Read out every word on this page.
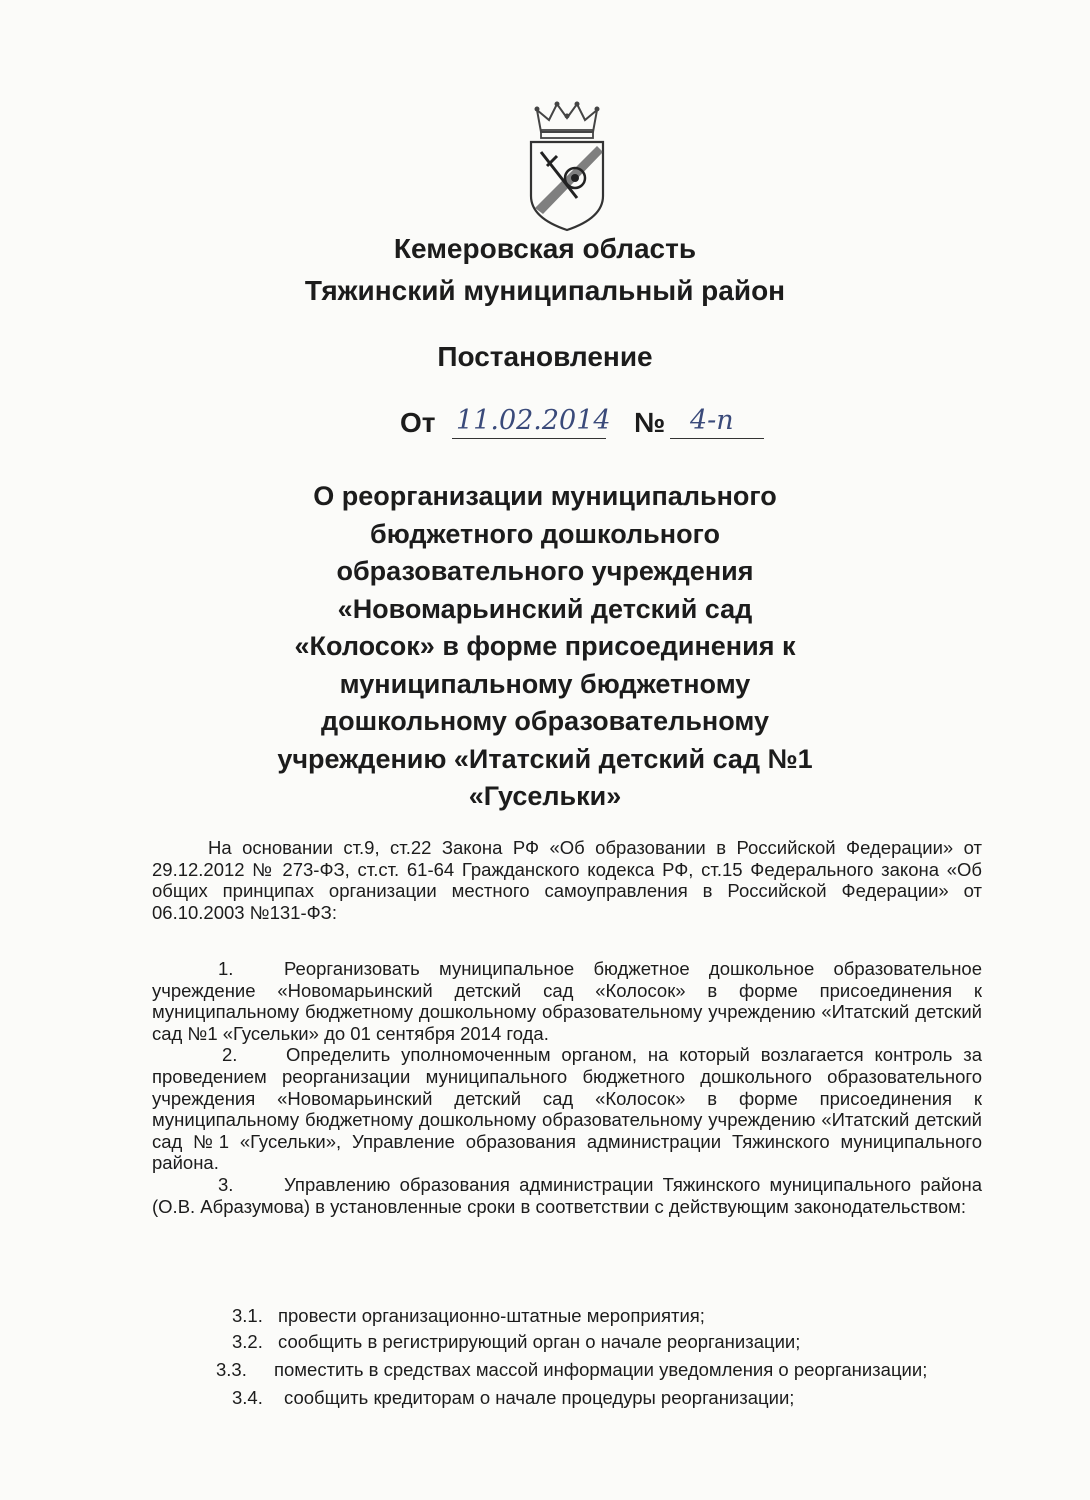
Кемеровская область
Тяжинский муниципальный район
Постановление
От 11.02.2014 № 4-п
О реорганизации муниципального
бюджетного дошкольного
образовательного учреждения
«Новомарьинский детский сад
«Колосок» в форме присоединения к
муниципальному бюджетному
дошкольному образовательному
учреждению «Итатский детский сад №1
«Гусельки»

На основании ст.9, ст.22 Закона РФ «Об образовании в Российской Федерации» от 29.12.2012 № 273-ФЗ, ст.ст. 61-64 Гражданского кодекса РФ, ст.15 Федерального закона «Об общих принципах организации местного самоуправления в Российской Федерации» от 06.10.2003 №131-ФЗ:

1.	Реорганизовать муниципальное бюджетное дошкольное образовательное учреждение «Новомарьинский детский сад «Колосок» в форме присоединения к муниципальному бюджетному дошкольному образовательному учреждению «Итатский детский сад №1 «Гусельки» до 01 сентября 2014 года.

2.	Определить уполномоченным органом, на который возлагается контроль за проведением реорганизации муниципального бюджетного дошкольного образовательного учреждения «Новомарьинский детский сад «Колосок» в форме присоединения к муниципальному бюджетному дошкольному образовательному учреждению «Итатский детский сад №1 «Гусельки», Управление образования администрации Тяжинского муниципального района.

3.	Управлению образования администрации Тяжинского муниципального района (О.В. Абразумова) в установленные сроки в соответствии с действующим законодательством:

3.1. провести организационно-штатные мероприятия;

3.2. сообщить в регистрирующий орган о начале реорганизации;

3.3. поместить в средствах массой информации уведомления о реорганизации;

3.4. сообщить кредиторам о начале процедуры реорганизации;
